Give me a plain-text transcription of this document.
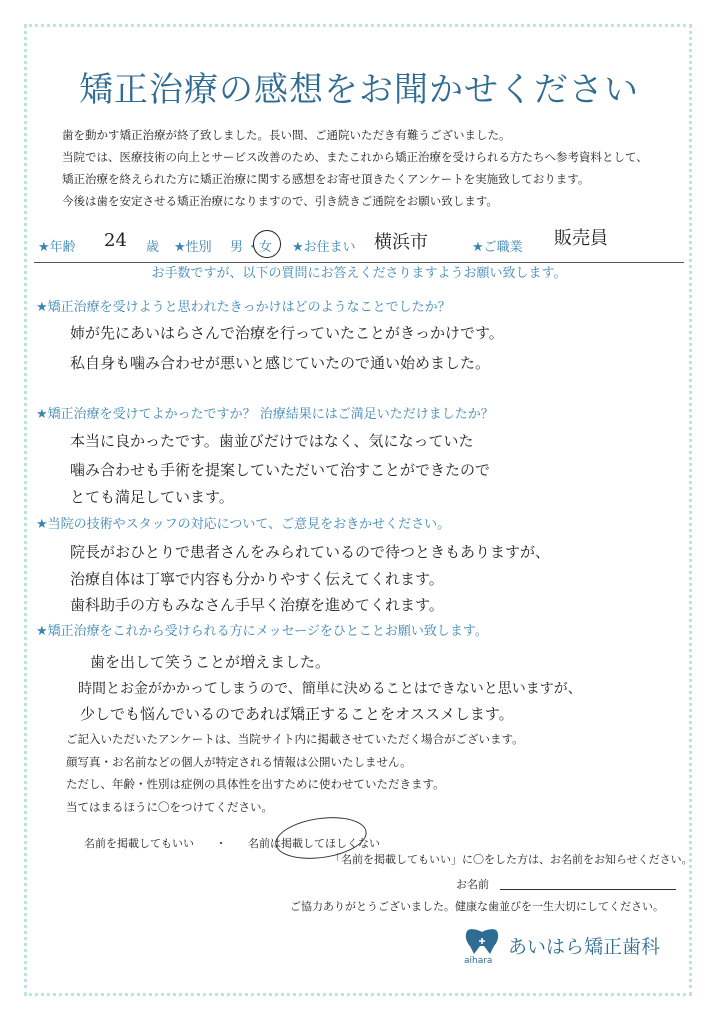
矯正治療の感想をお聞かせください
歯を動かす矯正治療が終了致しました。長い間、ご通院いただき有難うございました。
当院では、医療技術の向上とサービス改善のため、またこれから矯正治療を受けられる方たちへ参考資料として、
矯正治療を終えられた方に矯正治療に関する感想をお寄せ頂きたくアンケートを実施致しております。
今後は歯を安定させる矯正治療になりますので、引き続きご通院をお願い致します。
★年齢 24 歳 ★性別 男 ・ 女 ★お住まい 横浜市	★ご職業 販売員
お手数ですが、以下の質問にお答えくださりますようお願い致します。
★矯正治療を受けようと思われたきっかけはどのようなことでしたか？
姉が先にあいはらさんで治療を行っていたことがきっかけです。
私自身も噛み合わせが悪いと感じていたので通い始めました。
★矯正治療を受けてよかったですか？ 治療結果にはご満足いただけましたか？
本当に良かったです。歯並びだけではなく、気になっていた
噛み合わせも手術を提案していただいて治すことができたので
とても満足しています。
★当院の技術やスタッフの対応について、ご意見をおきかせください。
院長がおひとりで患者さんをみられているので待つときもありますが、
治療自体は丁寧で内容も分かりやすく伝えてくれます。
歯科助手の方もみなさん手早く治療を進めてくれます。
★矯正治療をこれから受けられる方にメッセージをひとことお願い致します。
歯を出して笑うことが増えました。
時間とお金がかかってしまうので、簡単に決めることはできないと思いますが、
少しでも悩んでいるのであれば矯正することをオススメします。
ご記入いただいたアンケートは、当院サイト内に掲載させていただく場合がございます。
顔写真・お名前などの個人が特定される情報は公開いたしません。
ただし、年齢・性別は症例の具体性を出すために使わせていただきます。
当てはまるほうに〇をつけてください。
名前を掲載してもいい ・ 名前は掲載してほしくない
「名前を掲載してもいい」に〇をした方は、お名前をお知らせください。
お名前
ご協力ありがとうございました。健康な歯並びを一生大切にしてください。
aihara
あいはら矯正歯科
